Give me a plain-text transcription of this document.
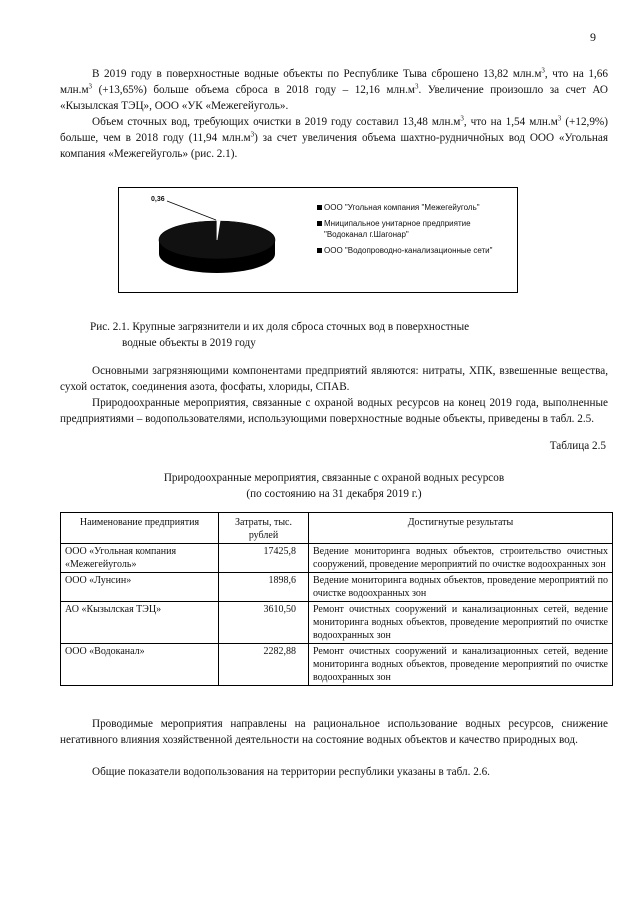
9

В 2019 году в поверхностные водные объекты по Республике Тыва сброшено 13,82 $млн.м^3$, что на 1,66 $млн.м^3$ (+13,65%) больше объема сброса в 2018 году – 12,16 $млн.м^3$. Увеличение произошло за счет АО «Кызылская ТЭЦ», ООО «УК «Межегейуголь».

Объем сточных вод, требующих очистки в 2019 году составил 13,48 $млн.м^3$, что на 1,54 $млн.м^3$ (+12,9%) больше, чем в 2018 году (11,94 $млн.м^3$) за счет увеличения объема шахтно-руднично̆ных вод ООО «Угольная компания «Межегейуголь» (рис. 2.1).

0,36
ООО "Угольная компания "Межегейуголь"
Мниципальное унитарное предприятие "Водоканал г.Шагонар"
ООО "Водопроводно-канализационные сети"
Рис. 2.1. Крупные загрязнители и их доля сброса сточных вод в поверхностные
водные объекты в 2019 году

Основными загрязняющими компонентами предприятий являются: нитраты, ХПК, взвешенные вещества, сухой остаток, соединения азота, фосфаты, хлориды, СПАВ.

Природоохранные мероприятия, связанные с охраной водных ресурсов на конец 2019 года, выполненные предприятиями – водопользователями, использующими поверхностные водные объекты, приведены в табл. 2.5.

Таблица 2.5
Природоохранные мероприятия, связанные с охраной водных ресурсов
(по состоянию на 31 декабря 2019 г.)
Наименование предприятия	Затраты, тыс. рублей	Достигнутые результаты
ООО «Угольная компания «Межегейуголь»	17425,8	Ведение мониторинга водных объектов, строительство очистных сооружений, проведение мероприятий по очистке водоохранных зон
ООО «Лунсин»	1898,6	Ведение мониторинга водных объектов, проведение мероприятий по очистке водоохранных зон
АО «Кызылская ТЭЦ»	3610,50	Ремонт очистных сооружений и канализационных сетей, ведение мониторинга водных объектов, проведение мероприятий по очистке водоохранных зон
ООО «Водоканал»	2282,88	Ремонт очистных сооружений и канализационных сетей, ведение мониторинга водных объектов, проведение мероприятий по очистке водоохранных зон

Проводимые мероприятия направлены на рациональное использование водных ресурсов, снижение негативного влияния хозяйственной деятельности на состояние водных объектов и качество природных вод.

Общие показатели водопользования на территории республики указаны в табл. 2.6.
